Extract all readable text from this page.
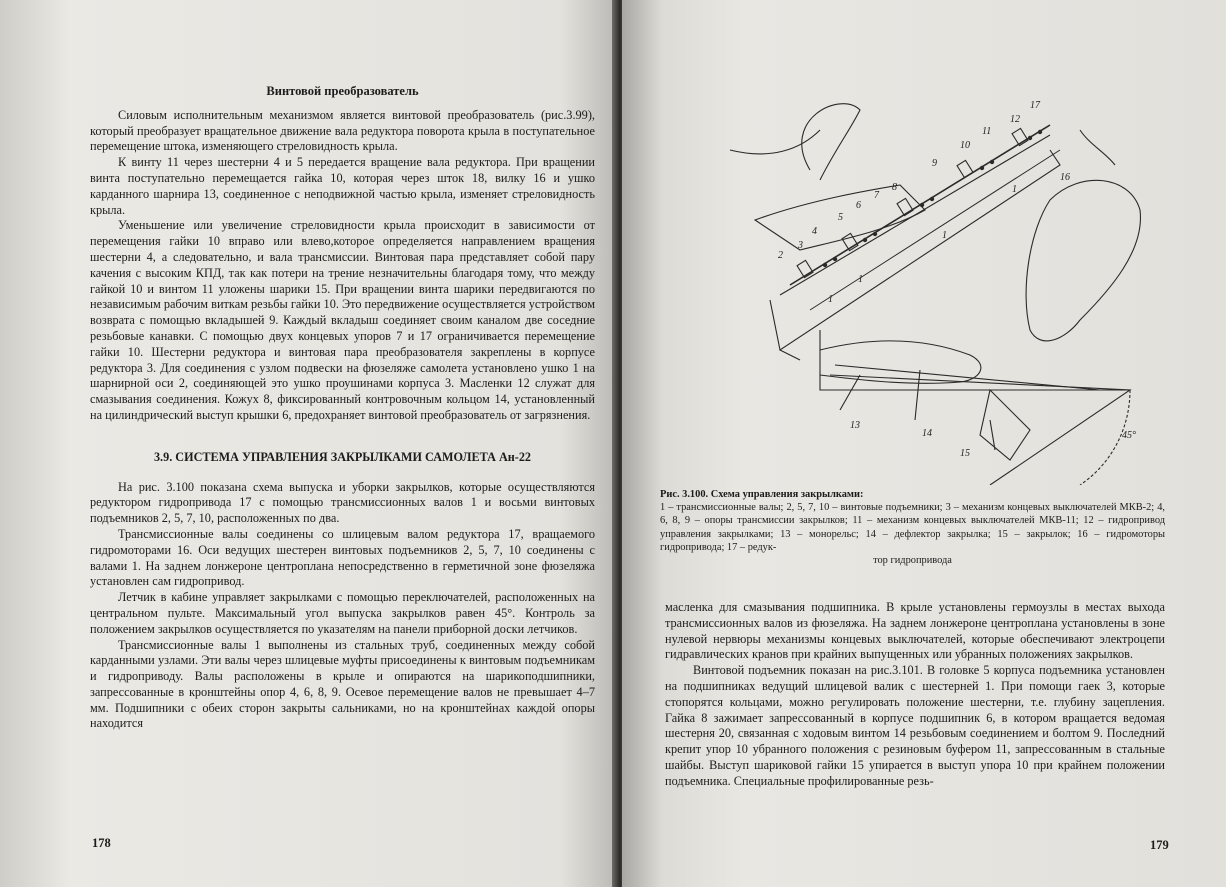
Винтовой преобразователь

Силовым исполнительным механизмом является винтовой преобразователь (рис.3.99), который преобразует вращательное движение вала редуктора поворота крыла в поступательное перемещение штока, изменяющего стреловидность крыла.

К винту 11 через шестерни 4 и 5 передается вращение вала редуктора. При вращении винта поступательно перемещается гайка 10, которая через шток 18, вилку 16 и ушко карданного шарнира 13, соединенное с неподвижной частью крыла, изменяет стреловидность крыла.

Уменьшение или увеличение стреловидности крыла происходит в зависимости от перемещения гайки 10 вправо или влево,которое определяется направлением вращения шестерни 4, а следовательно, и вала трансмиссии. Винтовая пара представляет собой пару качения с высоким КПД, так как потери на трение незначительны благодаря тому, что между гайкой 10 и винтом 11 уложены шарики 15. При вращении винта шарики передвигаются по независимым рабочим виткам резьбы гайки 10. Это передвижение осуществляется устройством возврата с помощью вкладышей 9. Каждый вкладыш соединяет своим каналом две соседние резьбовые канавки. С помощью двух концевых упоров 7 и 17 ограничивается перемещение гайки 10. Шестерни редуктора и винтовая пара преобразователя закреплены в корпусе редуктора 3. Для соединения с узлом подвески на фюзеляже самолета установлено ушко 1 на шарнирной оси 2, соединяющей это ушко проушинами корпуса 3. Масленки 12 служат для смазывания соединения. Кожух 8, фиксированный контровочным кольцом 14, установленный на цилиндрический выступ крышки 6, предохраняет винтовой преобразователь от загрязнения.

3.9. СИСТЕМА УПРАВЛЕНИЯ ЗАКРЫЛКАМИ САМОЛЕТА Ан-22

На рис. 3.100 показана схема выпуска и уборки закрылков, которые осуществляются редуктором гидропривода 17 с помощью трансмиссионных валов 1 и восьми винтовых подъемников 2, 5, 7, 10, расположенных по два.

Трансмиссионные валы соединены со шлицевым валом редуктора 17, вращаемого гидромоторами 16. Оси ведущих шестерен винтовых подъемников 2, 5, 7, 10 соединены с валами 1. На заднем лонжероне центроплана непосредственно в герметичной зоне фюзеляжа установлен сам гидропривод.

Летчик в кабине управляет закрылками с помощью переключателей, расположенных на центральном пульте. Максимальный угол выпуска закрылков равен 45°. Контроль за положением закрылков осуществляется по указателям на панели приборной доски летчиков.

Трансмиссионные валы 1 выполнены из стальных труб, соединенных между собой карданными узлами. Эти валы через шлицевые муфты присоединены к винтовым подъемникам и гидроприводу. Валы расположены в крыле и опираются на шарикоподшипники, запрессованные в кронштейны опор 4, 6, 8, 9. Осевое перемещение валов не превышает 4–7 мм. Подшипники с обеих сторон закрыты сальниками, но на кронштейнах каждой опоры находится

178
17
12
11
10
16
9
1
8
7
6
5
4
3
2
1
1
1
13
14
15
45°
Рис. 3.100. Схема управления закрылками:
1 – трансмиссионные валы; 2, 5, 7, 10 – винтовые подъемники; 3 – механизм концевых выключателей МКВ-2; 4, 6, 8, 9 – опоры трансмиссии закрылков; 11 – механизм концевых выключателей МКВ-11; 12 – гидропривод управления закрылками; 13 – монорельс; 14 – дефлектор закрылка; 15 – закрылок; 16 – гидромоторы гидропривода; 17 – редук-
тор гидропривода

масленка для смазывания подшипника. В крыле установлены гермоузлы в местах выхода трансмиссионных валов из фюзеляжа. На заднем лонжероне центроплана установлены в зоне нулевой нервюры механизмы концевых выключателей, которые обеспечивают электроцепи гидравлических кранов при крайних выпущенных или убранных положениях закрылков.

Винтовой подъемник показан на рис.3.101. В головке 5 корпуса подъемника установлен на подшипниках ведущий шлицевой валик с шестерней 1. При помощи гаек 3, которые стопорятся кольцами, можно регулировать положение шестерни, т.е. глубину зацепления. Гайка 8 зажимает запрессованный в корпусе подшипник 6, в котором вращается ведомая шестерня 20, связанная с ходовым винтом 14 резьбовым соединением и болтом 9. Последний крепит упор 10 убранного положения с резиновым буфером 11, запрессованным в стальные шайбы. Выступ шариковой гайки 15 упирается в выступ упора 10 при крайнем положении подъемника. Специальные профилированные резь-

179
